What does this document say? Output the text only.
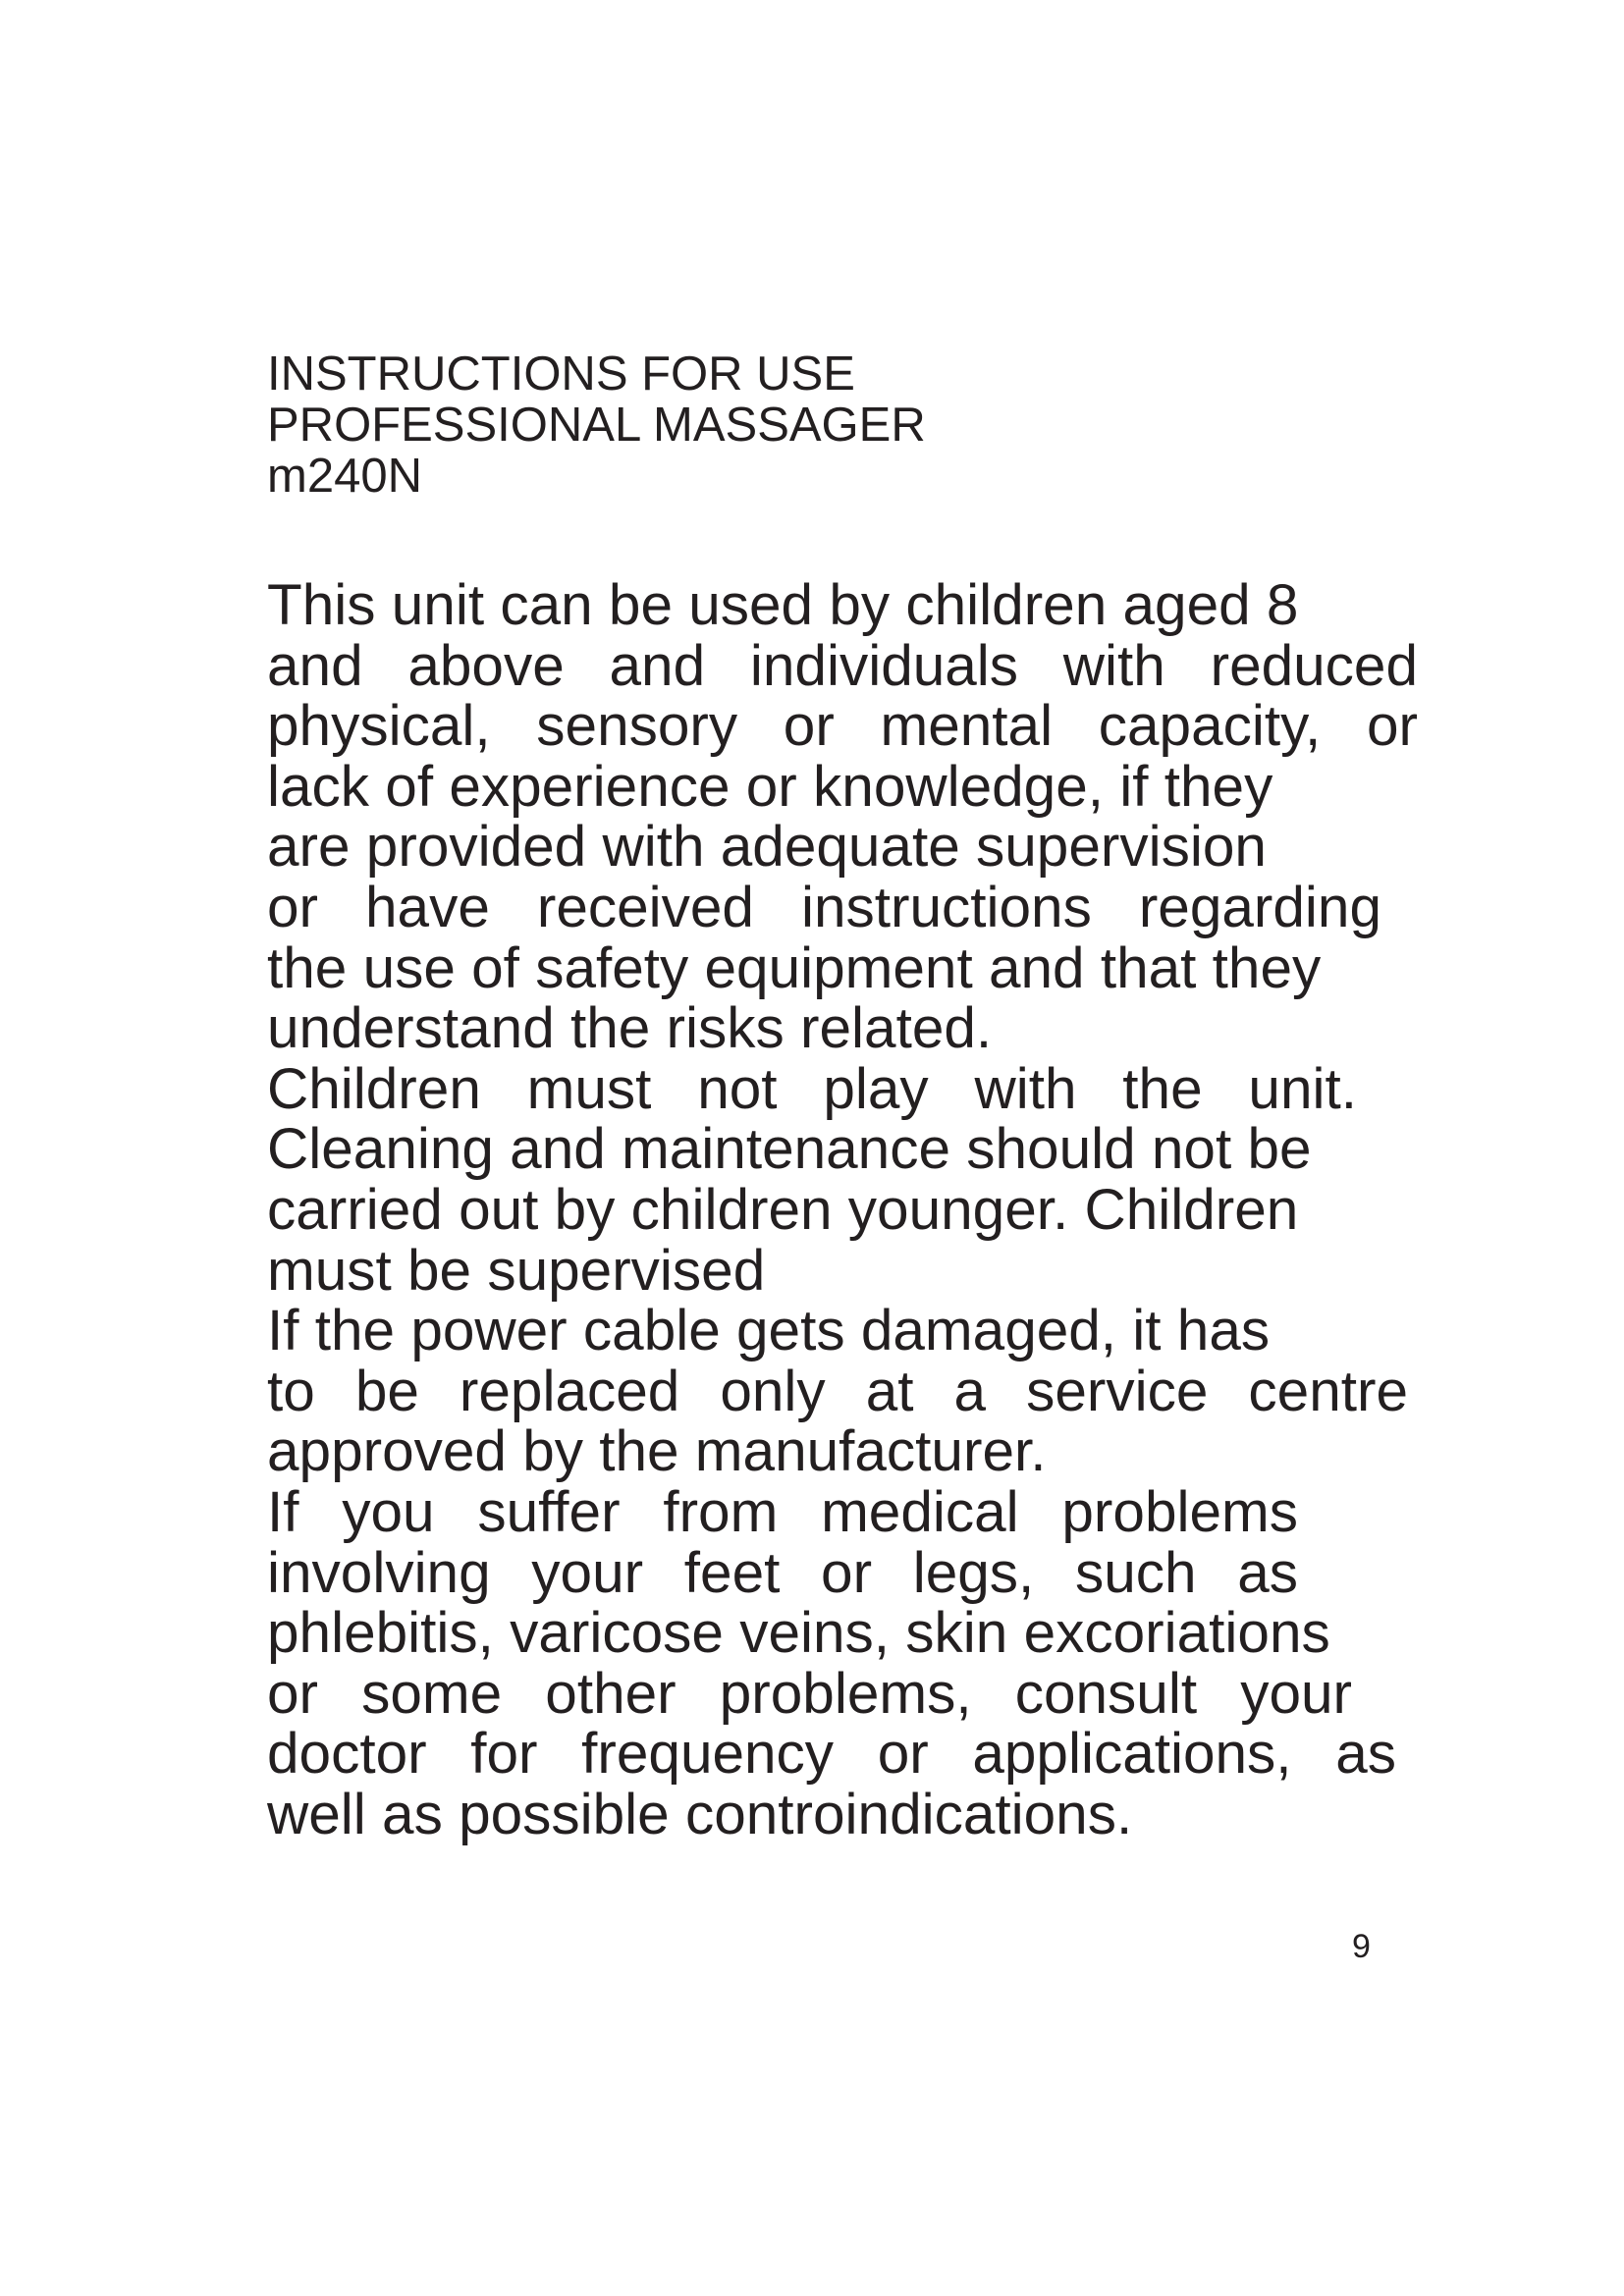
INSTRUCTIONS FOR USE
PROFESSIONAL MASSAGER
m240N
This unit can be used by children aged 8
and above and individuals with reduced
physical, sensory or mental capacity, or
lack of experience or knowledge, if they
are provided with adequate supervision
or have received instructions regarding
the use of safety equipment and that they
understand the risks related.
Children must not play with the unit.
Cleaning and maintenance should not be
carried out by children younger. Children
must be supervised
If the power cable gets damaged, it has
to be replaced only at a service centre
approved by the manufacturer.
If you suffer from medical problems
involving your feet or legs, such as
phlebitis, varicose veins, skin excoriations
or some other problems, consult your
doctor for frequency or applications, as
well as possible controindications.
9
